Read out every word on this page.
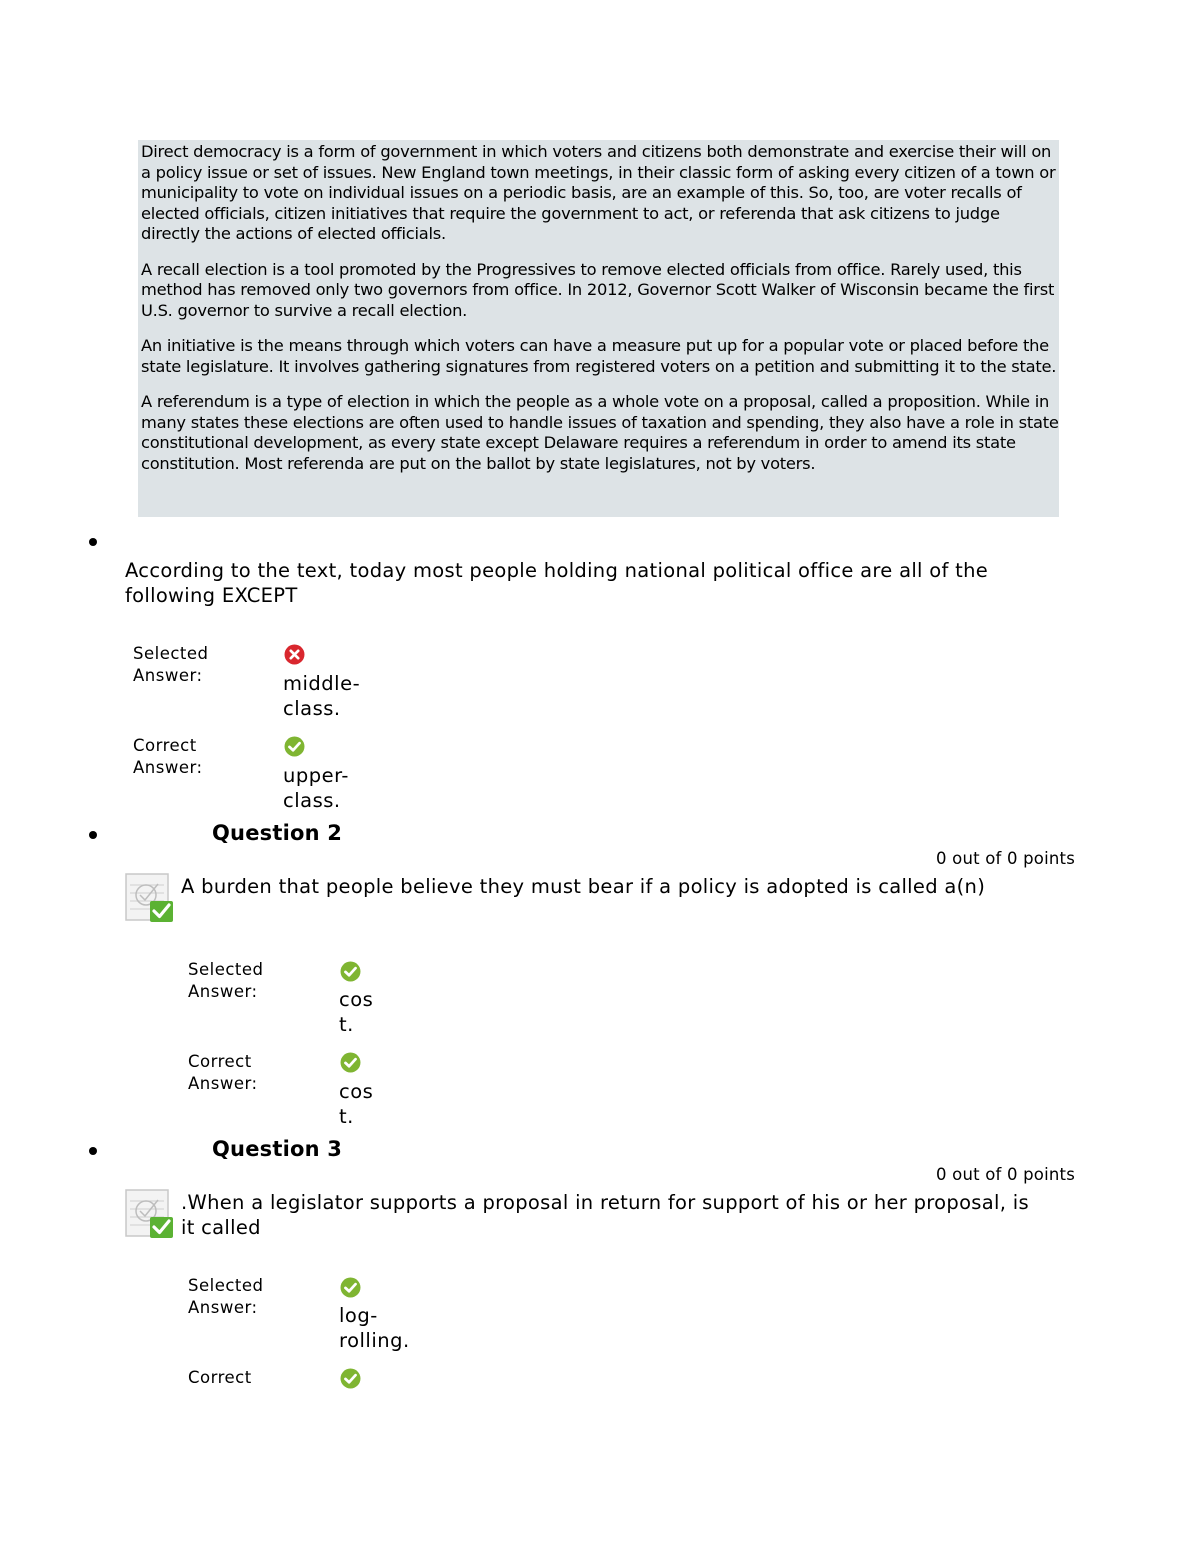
Direct democracy is a form of government in which voters and citizens both demonstrate and exercise their will on a policy issue or set of issues. New England town meetings, in their classic form of asking every citizen of a town or municipality to vote on individual issues on a periodic basis, are an example of this. So, too, are voter recalls of elected officials, citizen initiatives that require the government to act, or referenda that ask citizens to judge directly the actions of elected officials.

A recall election is a tool promoted by the Progressives to remove elected officials from office. Rarely used, this method has removed only two governors from office. In 2012, Governor Scott Walker of Wisconsin became the first U.S. governor to survive a recall election.

An initiative is the means through which voters can have a measure put up for a popular vote or placed before the state legislature. It involves gathering signatures from registered voters on a petition and submitting it to the state.

A referendum is a type of election in which the people as a whole vote on a proposal, called a proposition. While in many states these elections are often used to handle issues of taxation and spending, they also have a role in state constitutional development, as every state except Delaware requires a referendum in order to amend its state constitution. Most referenda are put on the ballot by state legislatures, not by voters.

According to the text, today most people holding national political office are all of the following EXCEPT
Selected Answer:	middle-class.
Correct Answer:	upper-class.
Question 2
0 out of 0 points
A burden that people believe they must bear if a policy is adopted is called a(n)
Selected Answer:	cost.
Correct Answer:	cost.
Question 3
0 out of 0 points
.When a legislator supports a proposal in return for support of his or her proposal, is it called
Selected Answer:	log-rolling.
Correct
